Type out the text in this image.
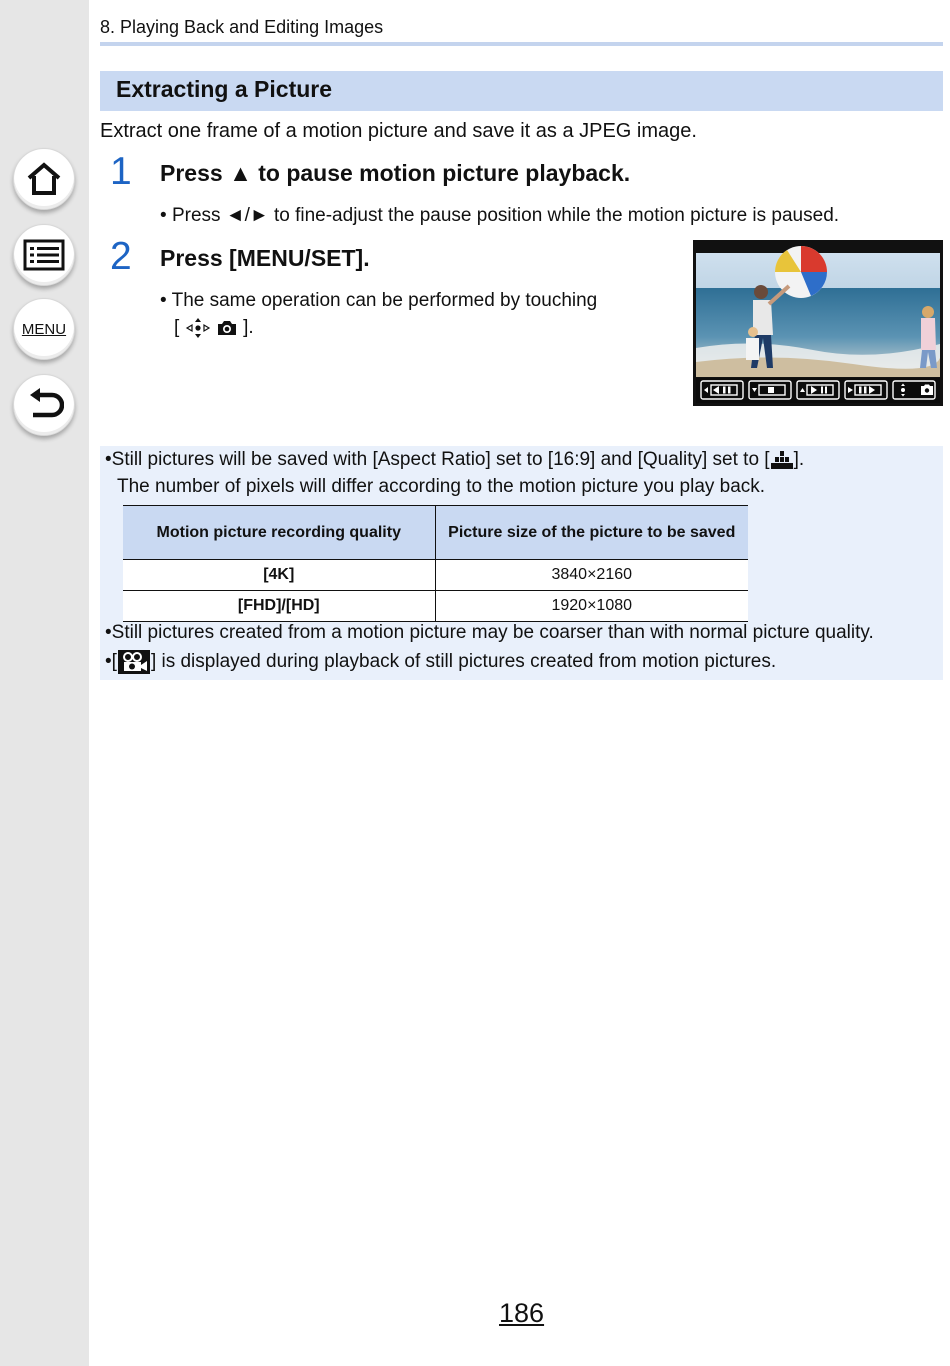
MENU
8. Playing Back and Editing Images
Extracting a Picture
Extract one frame of a motion picture and save it as a JPEG image.
1 Press ▲ to pause motion picture playback.
• Press ◄/► to fine-adjust the pause position while the motion picture is paused.
2 Press [MENU/SET].
• The same operation can be performed by touching
[	].
•Still pictures will be saved with [Aspect Ratio] set to [16:9] and [Quality] set to [ ].
The number of pixels will differ according to the motion picture you play back.
Motion picture recording quality	Picture size of the picture to be saved
[4K]	3840×2160
[FHD]/[HD]	1920×1080
•Still pictures created from a motion picture may be coarser than with normal picture quality.
•[ ] is displayed during playback of still pictures created from motion pictures.
186
